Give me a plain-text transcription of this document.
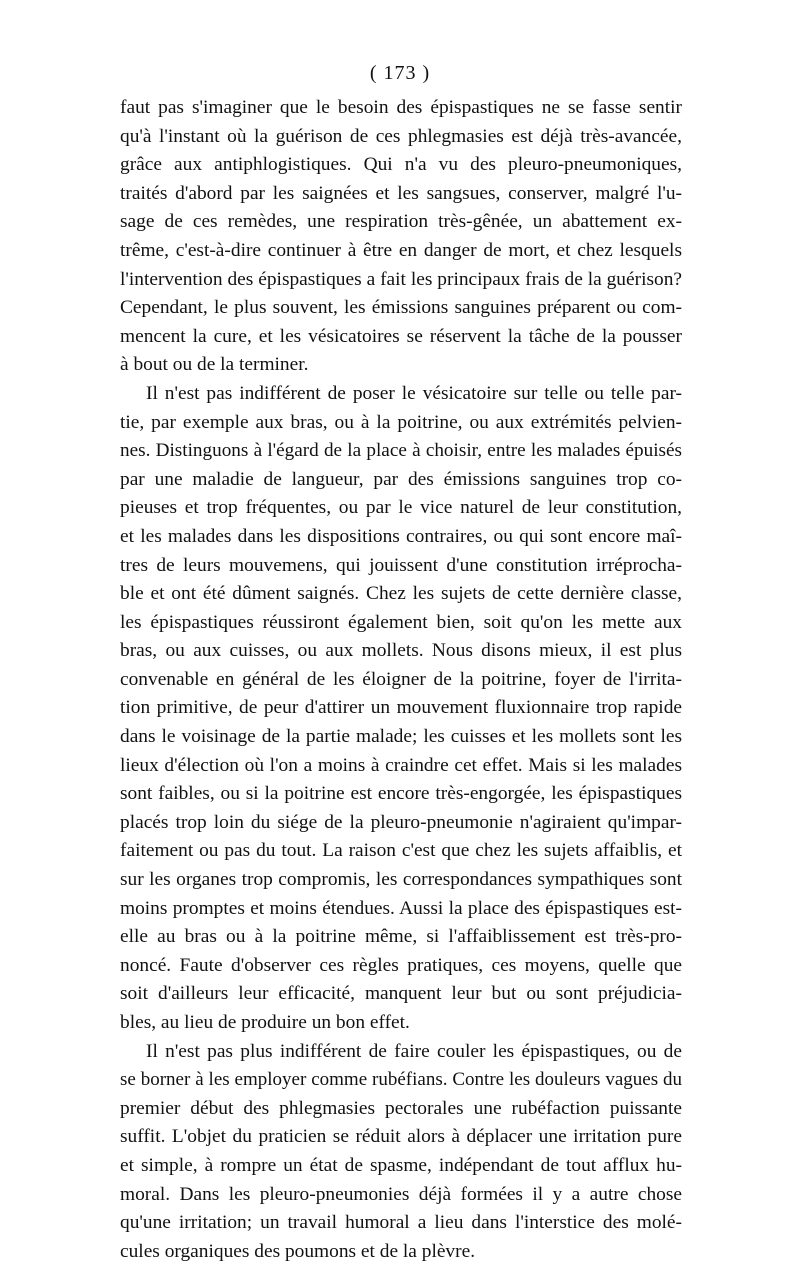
( 173 )
faut pas s'imaginer que le besoin des épispastiques ne se fasse sentir
qu'à l'instant où la guérison de ces phlegmasies est déjà très-avancée,
grâce aux antiphlogistiques. Qui n'a vu des pleuro-pneumoniques,
traités d'abord par les saignées et les sangsues, conserver, malgré l'u-
sage de ces remèdes, une respiration très-gênée, un abattement ex-
trême, c'est-à-dire continuer à être en danger de mort, et chez lesquels
l'intervention des épispastiques a fait les principaux frais de la guérison?
Cependant, le plus souvent, les émissions sanguines préparent ou com-
mencent la cure, et les vésicatoires se réservent la tâche de la pousser
à bout ou de la terminer.
Il n'est pas indifférent de poser le vésicatoire sur telle ou telle par-
tie, par exemple aux bras, ou à la poitrine, ou aux extrémités pelvien-
nes. Distinguons à l'égard de la place à choisir, entre les malades épuisés
par une maladie de langueur, par des émissions sanguines trop co-
pieuses et trop fréquentes, ou par le vice naturel de leur constitution,
et les malades dans les dispositions contraires, ou qui sont encore maî-
tres de leurs mouvemens, qui jouissent d'une constitution irréprocha-
ble et ont été dûment saignés. Chez les sujets de cette dernière classe,
les épispastiques réussiront également bien, soit qu'on les mette aux
bras, ou aux cuisses, ou aux mollets. Nous disons mieux, il est plus
convenable en général de les éloigner de la poitrine, foyer de l'irrita-
tion primitive, de peur d'attirer un mouvement fluxionnaire trop rapide
dans le voisinage de la partie malade; les cuisses et les mollets sont les
lieux d'élection où l'on a moins à craindre cet effet. Mais si les malades
sont faibles, ou si la poitrine est encore très-engorgée, les épispastiques
placés trop loin du siége de la pleuro-pneumonie n'agiraient qu'impar-
faitement ou pas du tout. La raison c'est que chez les sujets affaiblis, et
sur les organes trop compromis, les correspondances sympathiques sont
moins promptes et moins étendues. Aussi la place des épispastiques est-
elle au bras ou à la poitrine même, si l'affaiblissement est très-pro-
noncé. Faute d'observer ces règles pratiques, ces moyens, quelle que
soit d'ailleurs leur efficacité, manquent leur but ou sont préjudicia-
bles, au lieu de produire un bon effet.
Il n'est pas plus indifférent de faire couler les épispastiques, ou de
se borner à les employer comme rubéfians. Contre les douleurs vagues du
premier début des phlegmasies pectorales une rubéfaction puissante
suffit. L'objet du praticien se réduit alors à déplacer une irritation pure
et simple, à rompre un état de spasme, indépendant de tout afflux hu-
moral. Dans les pleuro-pneumonies déjà formées il y a autre chose
qu'une irritation; un travail humoral a lieu dans l'interstice des molé-
cules organiques des poumons et de la plèvre.
